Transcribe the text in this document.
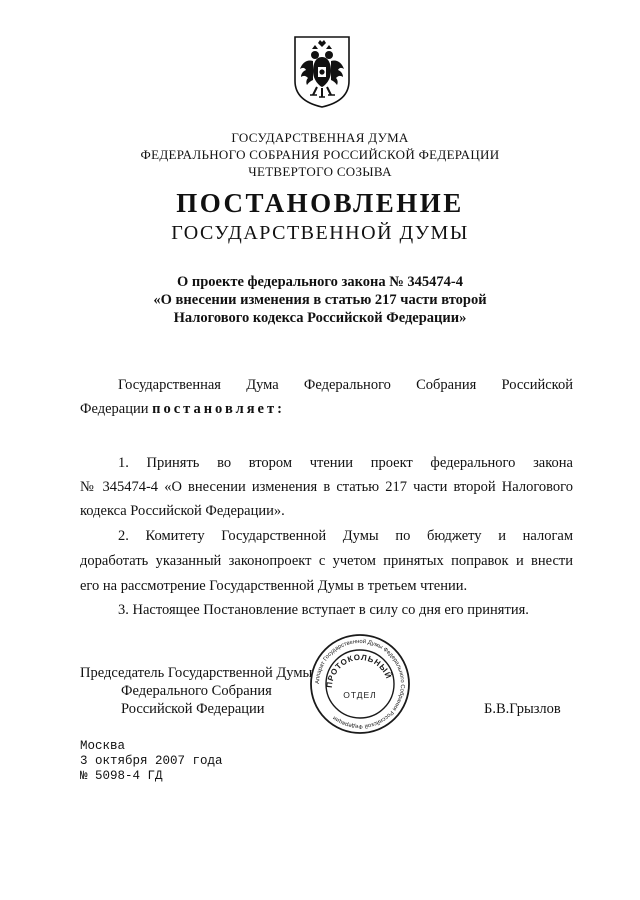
ГОСУДАРСТВЕННАЯ ДУМА
ФЕДЕРАЛЬНОГО СОБРАНИЯ РОССИЙСКОЙ ФЕДЕРАЦИИ
ЧЕТВЕРТОГО СОЗЫВА
ПОСТАНОВЛЕНИЕ
ГОСУДАРСТВЕННОЙ ДУМЫ
О проекте федерального закона № 345474-4
«О внесении изменения в статью 217 части второй
Налогового кодекса Российской Федерации»
Государственная Дума Федерального Собрания Российской
Федерации постановляет:
1. Принять во втором чтении проект федерального закона
№ 345474-4 «О внесении изменения в статью 217 части второй Налогового
кодекса Российской Федерации».
2. Комитету Государственной Думы по бюджету и налогам
доработать указанный законопроект с учетом принятых поправок и внести
его на рассмотрение Государственной Думы в третьем чтении.
3. Настоящее Постановление вступает в силу со дня его принятия.
Председатель Государственной Думы
Федерального Собрания
Российской Федерации	Б.В.Грызлов
Аппарат Государственной Думы Федерального Собрания Российской Федерации
ПРОТОКОЛЬНЫЙ
ОТДЕЛ
Москва
3 октября 2007 года
№ 5098-4 ГД
